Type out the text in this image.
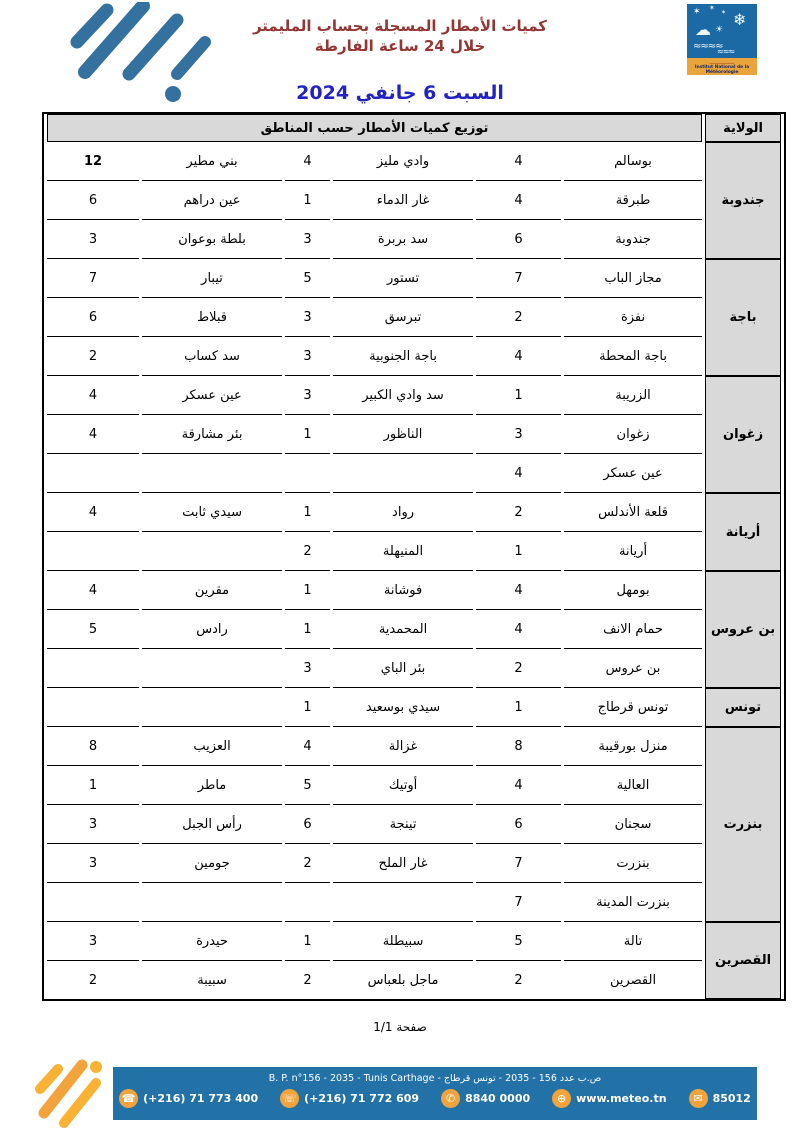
كميات الأمطار المسجلة بحساب المليمتر
خلال 24 ساعة الفارطة
السبت 6 جانفي 2024
✶ ✶
✶ ❄
☁ ☀
≈≈≈≈
≈≈≈
ـــــــــــــــــــــ
Institut National de la Météorologie
الولاية	توزيع كميات الأمطار حسب المناطق					
جندوبة	بوسالم	4	وادي مليز	4	بني مطير	12
	طبرقة	4	غار الدماء	1	عين دراهم	6
	جندوبة	6	سد بربرة	3	بلطة بوعوان	3
باجة	مجاز الباب	7	تستور	5	تيبار	7
	نفزة	2	تبرسق	3	قبلاط	6
	باجة المحطة	4	باجة الجنوبية	3	سد كساب	2
زغوان	الزريبة	1	سد وادي الكبير	3	عين عسكر	4
	زغوان	3	الناظور	1	بئر مشارقة	4
	عين عسكر	4				
أريانة	قلعة الأندلس	2	رواد	1	سيدي ثابت	4
	أريانة	1	المنيهلة	2		
بن عروس	بومهل	4	فوشانة	1	مقرين	4
	حمام الانف	4	المحمدية	1	رادس	5
	بن عروس	2	بئر الباي	3		
تونس	تونس قرطاج	1	سيدي بوسعيد	1		
بنزرت	منزل بورقيبة	8	غزالة	4	العزيب	8
	العالية	4	أوتيك	5	ماطر	1
	سجنان	6	تينجة	6	رأس الجبل	3
	بنزرت	7	غار الملح	2	جومين	3
	بنزرت المدينة	7				
القصرين	تالة	5	سبيطلة	1	حيدرة	3
	القصرين	2	ماجل بلعباس	2	سبيبة	2
صفحة 1/1
ص.ب عدد 156 - 2035 - تونس قرطاج - B. P. n°156 - 2035 - Tunis Carthage
☎ (+216) 71 773 400 ☏ (+216) 71 772 609	✆ 8840 0000	⊕ www.meteo.tn	✉ 85012
